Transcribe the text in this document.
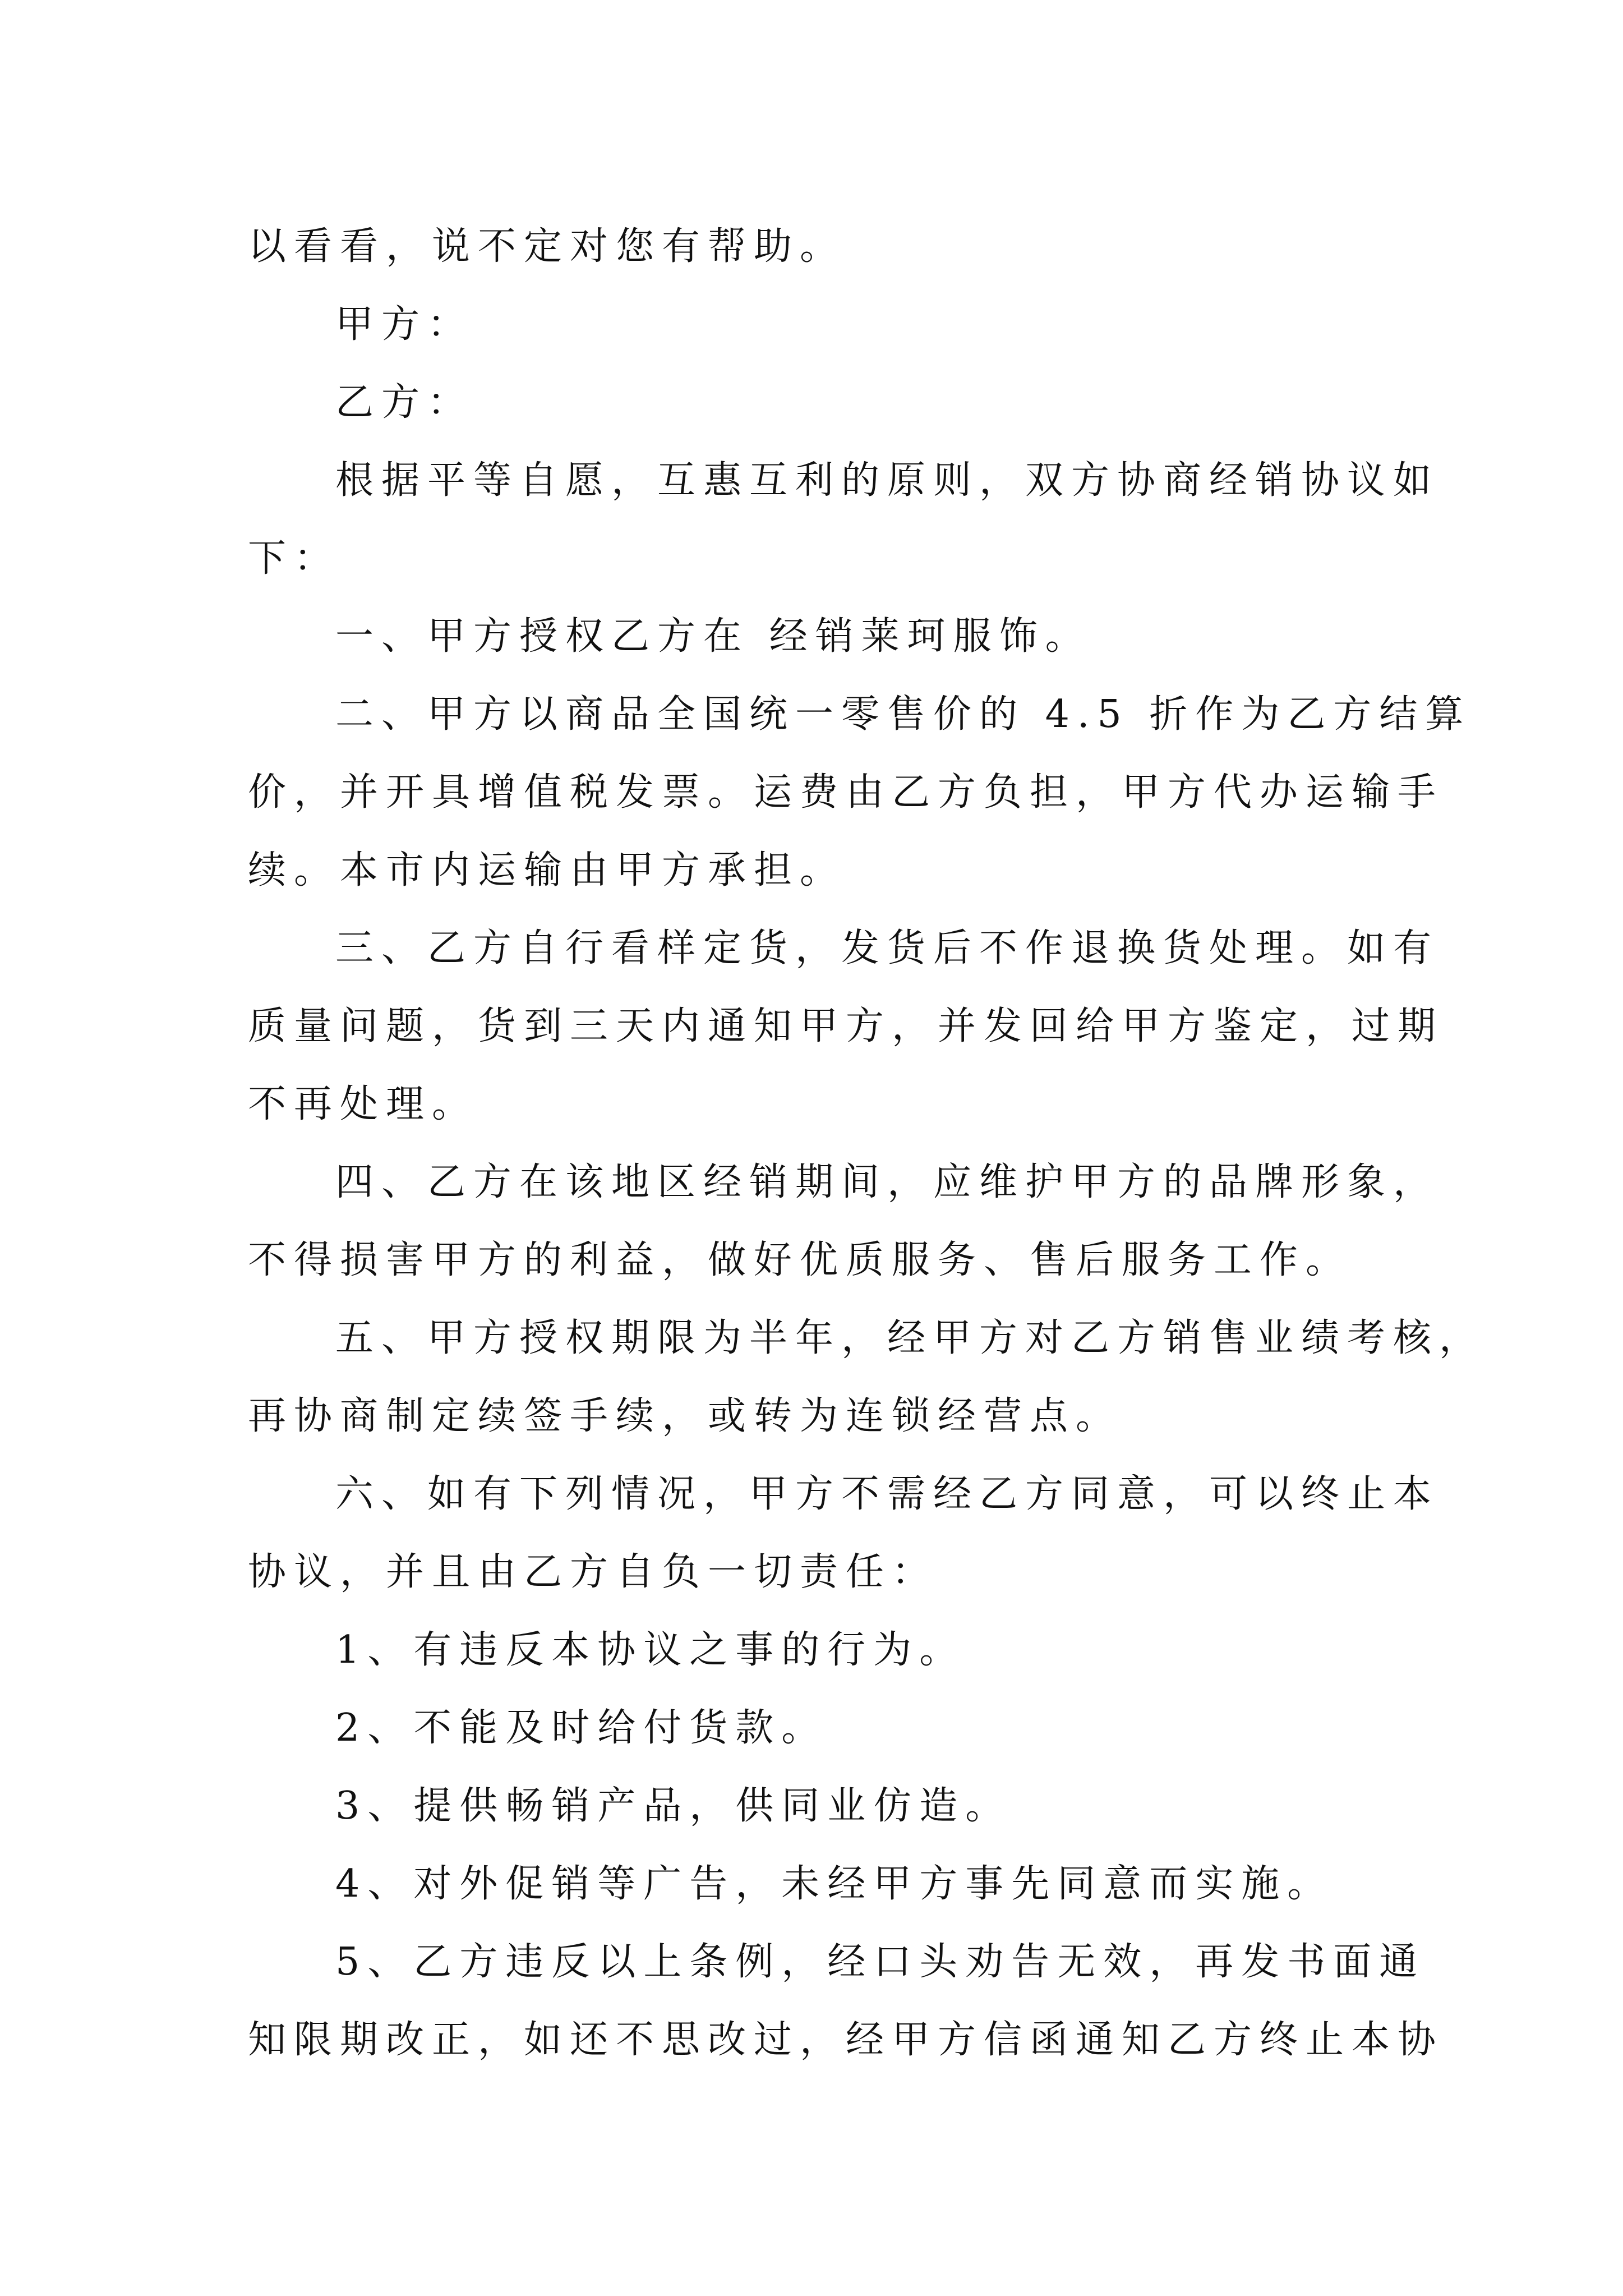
以看看，说不定对您有帮助。

甲方：

乙方：

根据平等自愿，互惠互利的原则，双方协商经销协议如

下：

一、甲方授权乙方在 经销莱珂服饰。

二、甲方以商品全国统一零售价的 4.5 折作为乙方结算

价，并开具增值税发票。运费由乙方负担，甲方代办运输手

续。本市内运输由甲方承担。

三、乙方自行看样定货，发货后不作退换货处理。如有

质量问题，货到三天内通知甲方，并发回给甲方鉴定，过期

不再处理。

四、乙方在该地区经销期间，应维护甲方的品牌形象，

不得损害甲方的利益，做好优质服务、售后服务工作。

五、甲方授权期限为半年，经甲方对乙方销售业绩考核，

再协商制定续签手续，或转为连锁经营点。

六、如有下列情况，甲方不需经乙方同意，可以终止本

协议，并且由乙方自负一切责任：

1、有违反本协议之事的行为。

2、不能及时给付货款。

3、提供畅销产品，供同业仿造。

4、对外促销等广告，未经甲方事先同意而实施。

5、乙方违反以上条例，经口头劝告无效，再发书面通

知限期改正，如还不思改过，经甲方信函通知乙方终止本协
